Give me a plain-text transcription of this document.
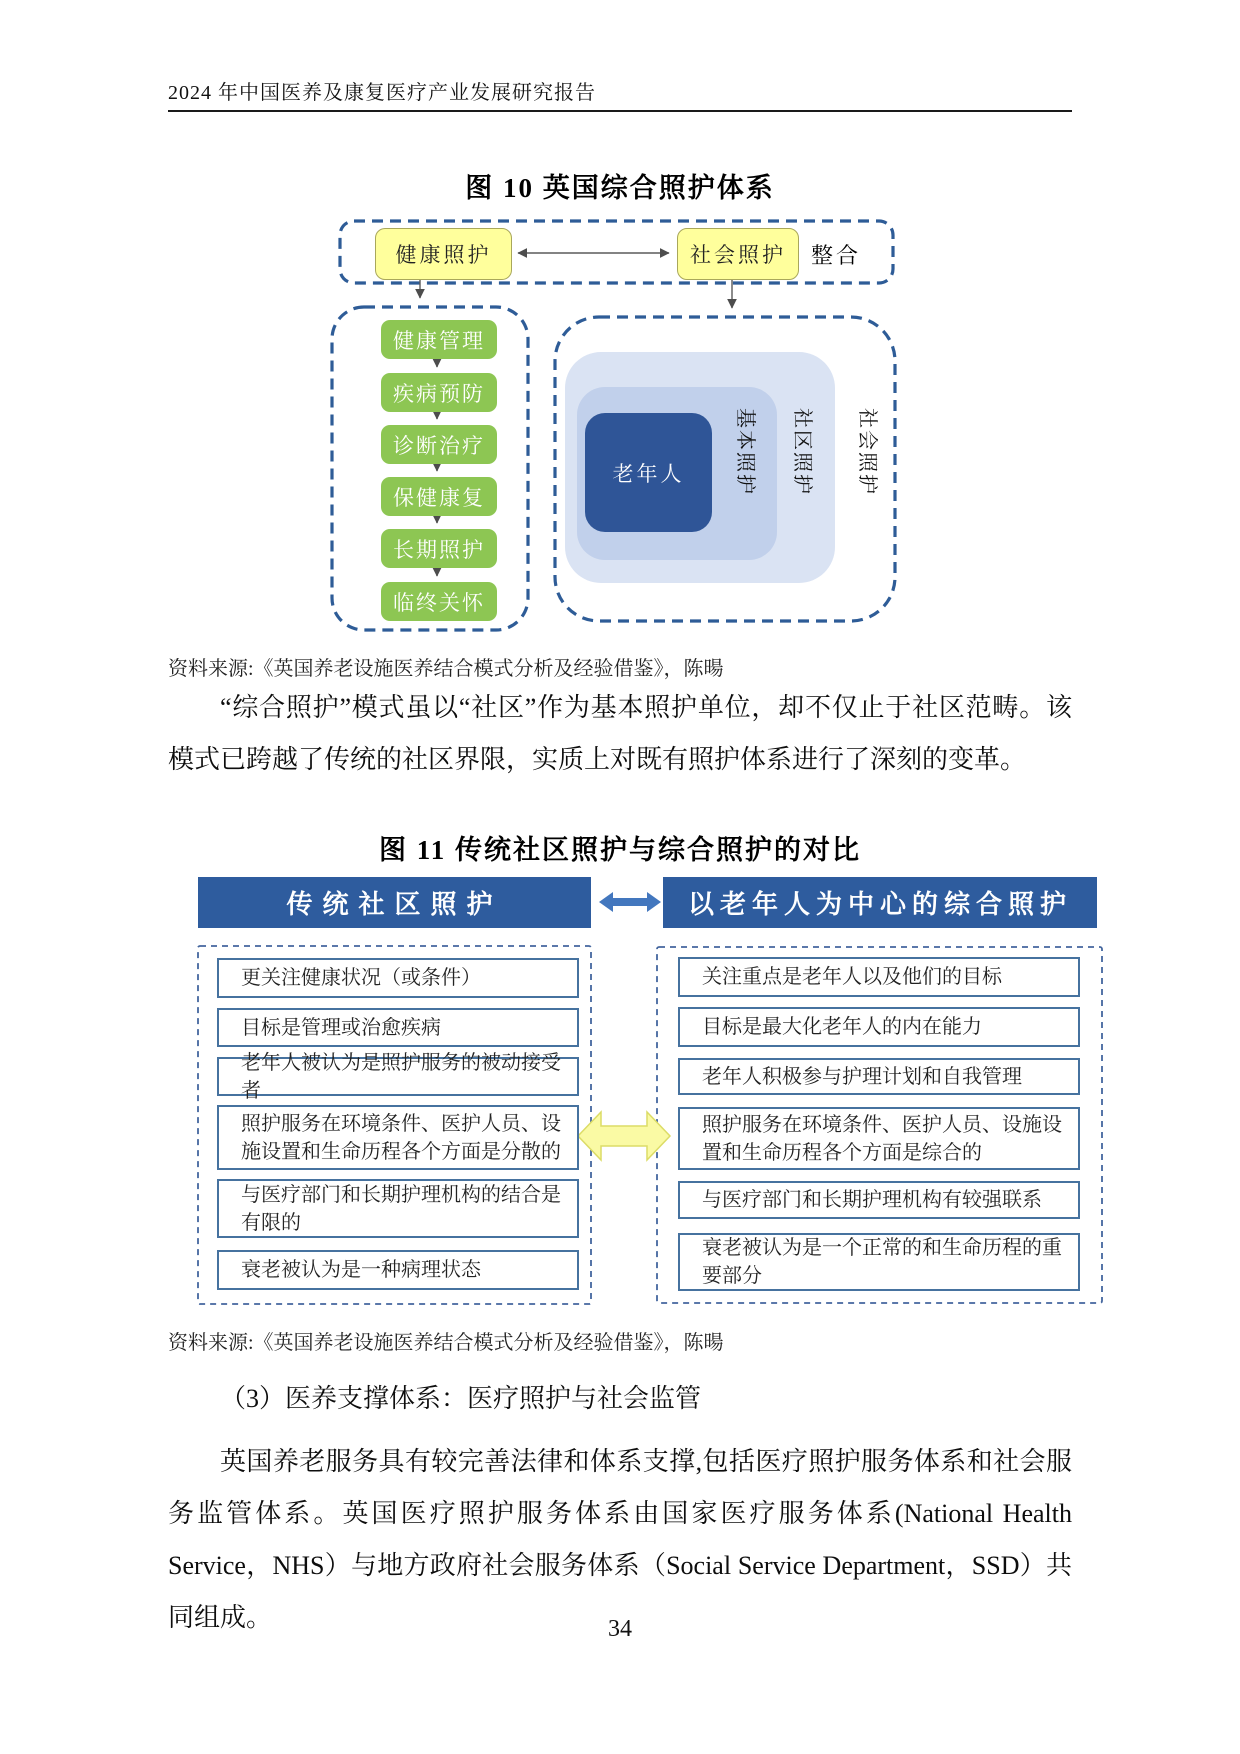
2024 年中国医养及康复医疗产业发展研究报告
图 10 英国综合照护体系
健康照护	社会照护	整合
健康管理
疾病预防
诊断治疗
保健康复
长期照护
临终关怀
老年人	基本照护	社区照护	社会照护
资料来源:《英国养老设施医养结合模式分析及经验借鉴》，陈暘
“综合照护”模式虽以“社区”作为基本照护单位，却不仅止于社区范畴。该模式已跨越了传统的社区界限，实质上对既有照护体系进行了深刻的变革。
图 11 传统社区照护与综合照护的对比
传统社区照护	以老年人为中心的综合照护
更关注健康状况（或条件）
目标是管理或治愈疾病
老年人被认为是照护服务的被动接受者
照护服务在环境条件、医护人员、设施设置和生命历程各个方面是分散的
与医疗部门和长期护理机构的结合是有限的
衰老被认为是一种病理状态
关注重点是老年人以及他们的目标
目标是最大化老年人的内在能力
老年人积极参与护理计划和自我管理
照护服务在环境条件、医护人员、设施设置和生命历程各个方面是综合的
与医疗部门和长期护理机构有较强联系
衰老被认为是一个正常的和生命历程的重要部分
资料来源:《英国养老设施医养结合模式分析及经验借鉴》，陈暘
（3）医养支撑体系：医疗照护与社会监管
英国养老服务具有较完善法律和体系支撑,包括医疗照护服务体系和社会服务监管体系。英国医疗照护服务体系由国家医疗服务体系(National Health Service，NHS）与地方政府社会服务体系（Social Service Department，SSD）共同组成。	34
